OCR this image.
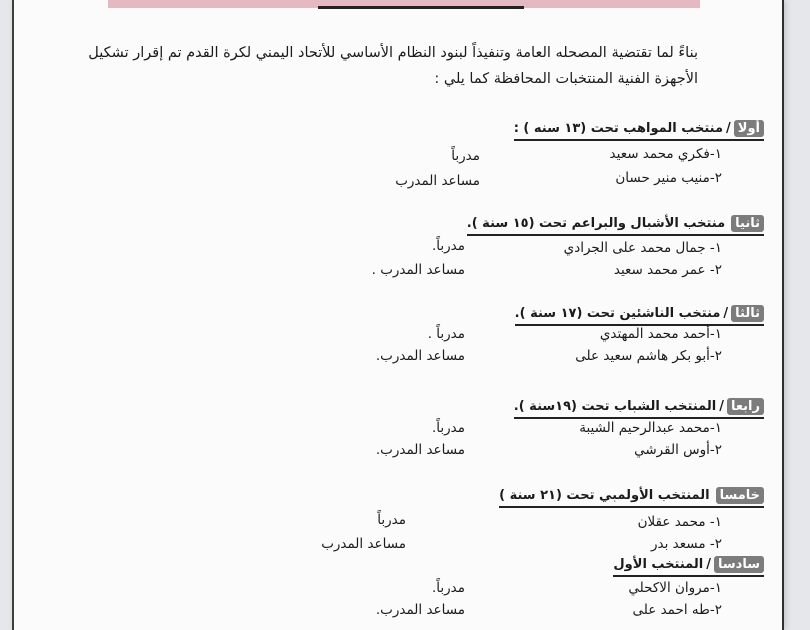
بناءً لما تقتضية المصحله العامة وتنفيذاً لبنود النظام الأساسي للأتحاد اليمني لكرة القدم تم إقرار تشكيل الأجهزة الفنية المنتخبات المحافظة كما يلي :
أولا/منتخب المواهب تحت (١٣ سنه ) :
١-فكري محمد سعيد
مدرباً
٢-منيب منير حسان
مساعد المدرب
ثانيامنتخب الأشبال والبراعم تحت (١٥ سنة ).
١- جمال محمد على الجرادي
مدرباً.
٢- عمر محمد سعيد
مساعد المدرب .
ثالثا/منتخب الناشئين تحت (١٧ سنة ).
١-أحمد محمد المهتدي
مدرباً .
٢-أبو بكر هاشم سعيد على
مساعد المدرب.
رابعا/المنتخب الشباب تحت (١٩سنة ).
١-محمد عبدالرحيم الشيبة
مدرباً.
٢-أوس القرشي
مساعد المدرب.
خامساالمنتخب الأولمبي تحت (٢١ سنة )
١- محمد عقلان
مدرباً
٢- مسعد بدر
مساعد المدرب
سادسا/المنتخب الأول
١-مروان الاكحلي
مدرباً.
٢-طه احمد على
مساعد المدرب.
